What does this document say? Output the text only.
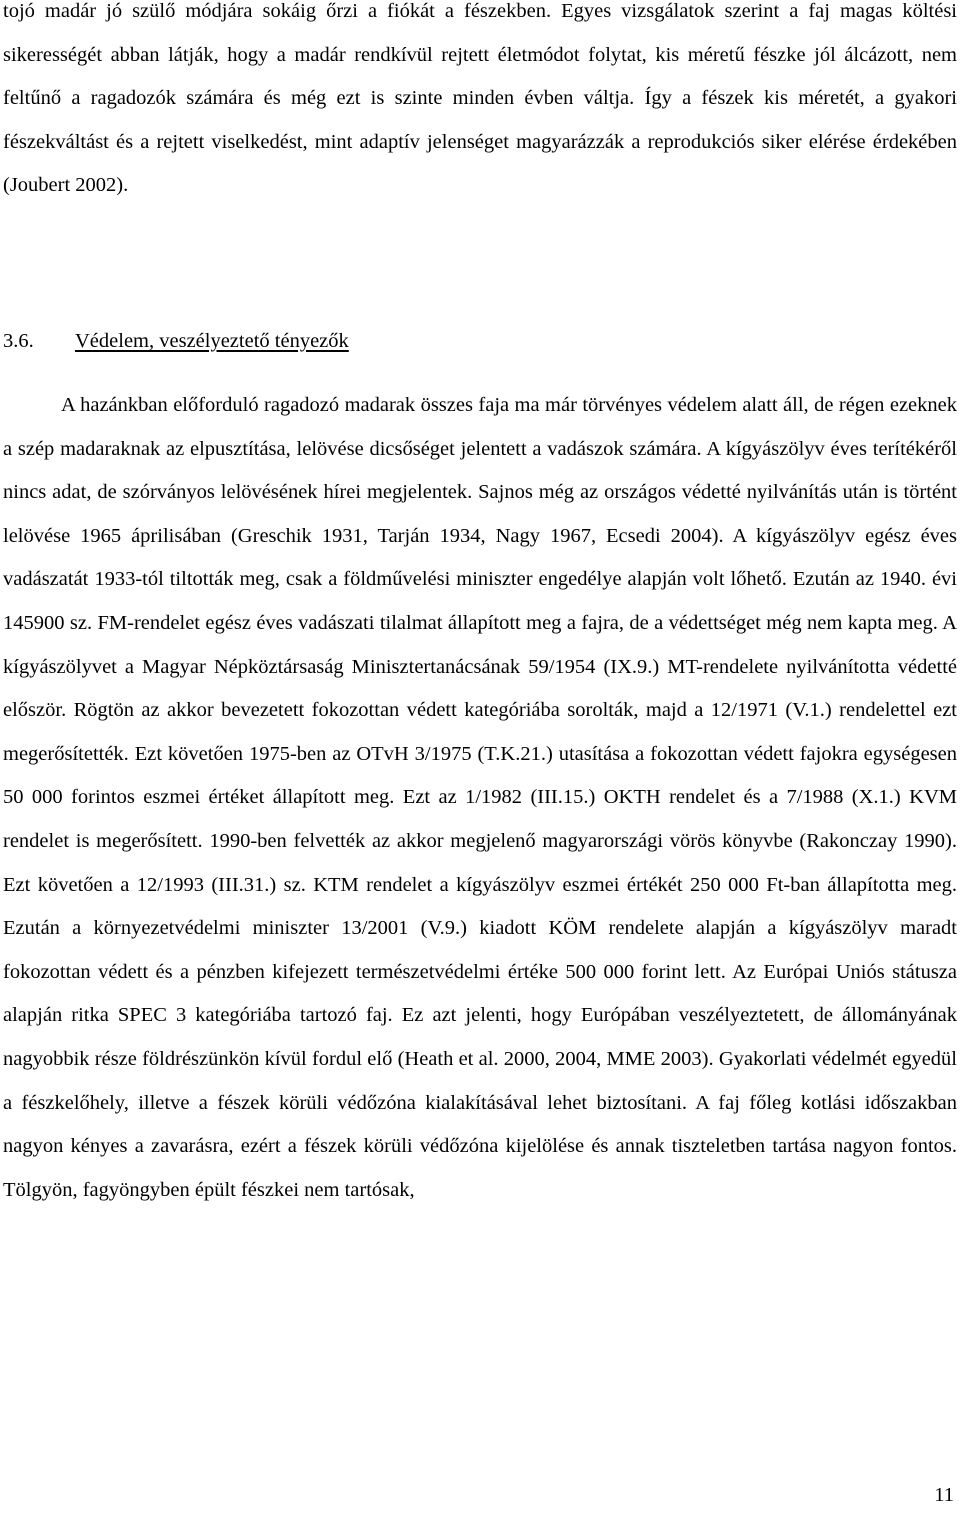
tojó madár jó szülő módjára sokáig őrzi a fiókát a fészekben. Egyes vizsgálatok szerint a faj magas költési sikerességét abban látják, hogy a madár rendkívül rejtett életmódot folytat, kis méretű fészke jól álcázott, nem feltűnő a ragadozók számára és még ezt is szinte minden évben váltja. Így a fészek kis méretét, a gyakori fészekváltást és a rejtett viselkedést, mint adaptív jelenséget magyarázzák a reprodukciós siker elérése érdekében (Joubert 2002).

3.6. Védelem, veszélyeztető tényezők

A hazánkban előforduló ragadozó madarak összes faja ma már törvényes védelem alatt áll, de régen ezeknek a szép madaraknak az elpusztítása, lelövése dicsőséget jelentett a vadászok számára. A kígyászölyv éves terítékéről nincs adat, de szórványos lelövésének hírei megjelentek. Sajnos még az országos védetté nyilvánítás után is történt lelövése 1965 áprilisában (Greschik 1931, Tarján 1934, Nagy 1967, Ecsedi 2004). A kígyászölyv egész éves vadászatát 1933-tól tiltották meg, csak a földművelési miniszter engedélye alapján volt lőhető. Ezután az 1940. évi 145900 sz. FM-rendelet egész éves vadászati tilalmat állapított meg a fajra, de a védettséget még nem kapta meg. A kígyászölyvet a Magyar Népköztársaság Minisztertanácsának 59/1954 (IX.9.) MT-rendelete nyilvánította védetté először. Rögtön az akkor bevezetett fokozottan védett kategóriába sorolták, majd a 12/1971 (V.1.) rendelettel ezt megerősítették. Ezt követően 1975-ben az OTvH 3/1975 (T.K.21.) utasítása a fokozottan védett fajokra egységesen 50 000 forintos eszmei értéket állapított meg. Ezt az 1/1982 (III.15.) OKTH rendelet és a 7/1988 (X.1.) KVM rendelet is megerősített. 1990-ben felvették az akkor megjelenő magyarországi vörös könyvbe (Rakonczay 1990). Ezt követően a 12/1993 (III.31.) sz. KTM rendelet a kígyászölyv eszmei értékét 250 000 Ft-ban állapította meg. Ezután a környezetvédelmi miniszter 13/2001 (V.9.) kiadott KÖM rendelete alapján a kígyászölyv maradt fokozottan védett és a pénzben kifejezett természetvédelmi értéke 500 000 forint lett. Az Európai Uniós státusza alapján ritka SPEC 3 kategóriába tartozó faj. Ez azt jelenti, hogy Európában veszélyeztetett, de állományának nagyobbik része földrészünkön kívül fordul elő (Heath et al. 2000, 2004, MME 2003). Gyakorlati védelmét egyedül a fészkelőhely, illetve a fészek körüli védőzóna kialakításával lehet biztosítani. A faj főleg kotlási időszakban nagyon kényes a zavarásra, ezért a fészek körüli védőzóna kijelölése és annak tiszteletben tartása nagyon fontos. Tölgyön, fagyöngyben épült fészkei nem tartósak,

11
